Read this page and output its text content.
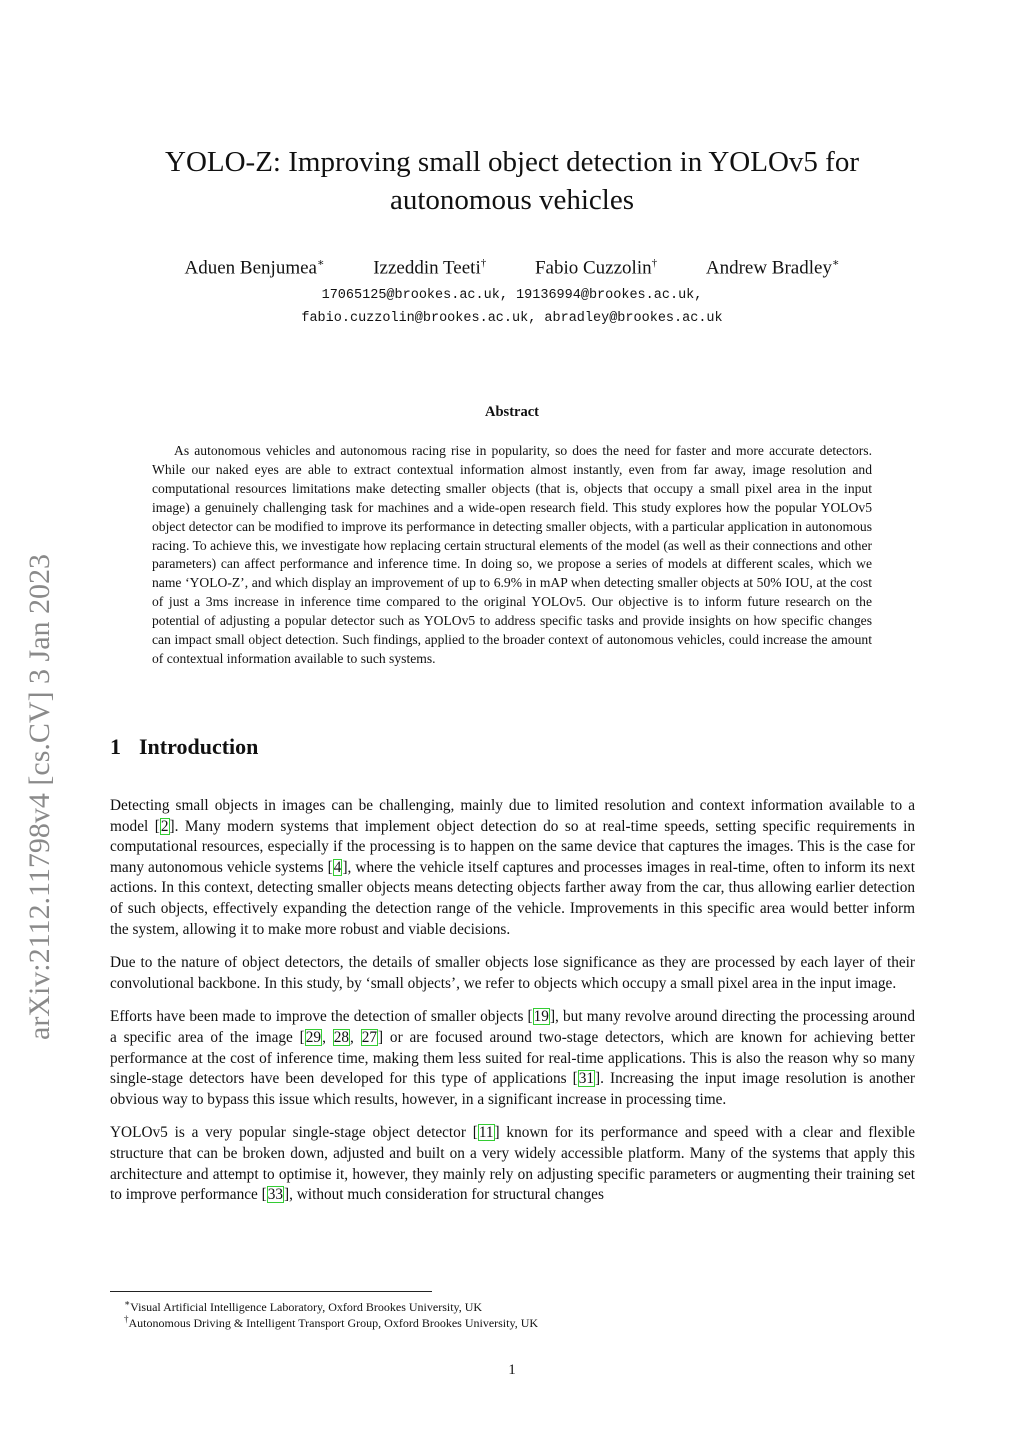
arXiv:2112.11798v4 [cs.CV] 3 Jan 2023
YOLO-Z: Improving small object detection in YOLOv5 for
autonomous vehicles
Aduen Benjumea∗	Izzeddin Teeti†	Fabio Cuzzolin†	Andrew Bradley∗
17065125@brookes.ac.uk, 19136994@brookes.ac.uk,
fabio.cuzzolin@brookes.ac.uk, abradley@brookes.ac.uk
Abstract

As autonomous vehicles and autonomous racing rise in popularity, so does the need for faster and more accurate detectors. While our naked eyes are able to extract contextual information almost instantly, even from far away, image resolution and computational resources limitations make detecting smaller objects (that is, objects that occupy a small pixel area in the input image) a genuinely challenging task for machines and a wide-open research field. This study explores how the popular YOLOv5 object detector can be modified to improve its performance in detecting smaller objects, with a particular application in autonomous racing. To achieve this, we investigate how replacing certain structural elements of the model (as well as their connections and other parameters) can affect performance and inference time. In doing so, we propose a series of models at different scales, which we name ‘YOLO-Z’, and which display an improvement of up to 6.9% in mAP when detecting smaller objects at 50% IOU, at the cost of just a 3ms increase in inference time compared to the original YOLOv5. Our objective is to inform future research on the potential of adjusting a popular detector such as YOLOv5 to address specific tasks and provide insights on how specific changes can impact small object detection. Such findings, applied to the broader context of autonomous vehicles, could increase the amount of contextual information available to such systems.

1 Introduction

Detecting small objects in images can be challenging, mainly due to limited resolution and context information available to a model [2]. Many modern systems that implement object detection do so at real-time speeds, setting specific requirements in computational resources, especially if the processing is to happen on the same device that captures the images. This is the case for many autonomous vehicle systems [4], where the vehicle itself captures and processes images in real-time, often to inform its next actions. In this context, detecting smaller objects means detecting objects farther away from the car, thus allowing earlier detection of such objects, effectively expanding the detection range of the vehicle. Improvements in this specific area would better inform the system, allowing it to make more robust and viable decisions.

Due to the nature of object detectors, the details of smaller objects lose significance as they are processed by each layer of their convolutional backbone. In this study, by ‘small objects’, we refer to objects which occupy a small pixel area in the input image.

Efforts have been made to improve the detection of smaller objects [19], but many revolve around directing the processing around a specific area of the image [29, 28, 27] or are focused around two-stage detectors, which are known for achieving better performance at the cost of inference time, making them less suited for real-time applications. This is also the reason why so many single-stage detectors have been developed for this type of applications [31]. Increasing the input image resolution is another obvious way to bypass this issue which results, however, in a significant increase in processing time.

YOLOv5 is a very popular single-stage object detector [11] known for its performance and speed with a clear and flexible structure that can be broken down, adjusted and built on a very widely accessible platform. Many of the systems that apply this architecture and attempt to optimise it, however, they mainly rely on adjusting specific parameters or augmenting their training set to improve performance [33], without much consideration for structural changes

∗Visual Artificial Intelligence Laboratory, Oxford Brookes University, UK
†Autonomous Driving & Intelligent Transport Group, Oxford Brookes University, UK
1
